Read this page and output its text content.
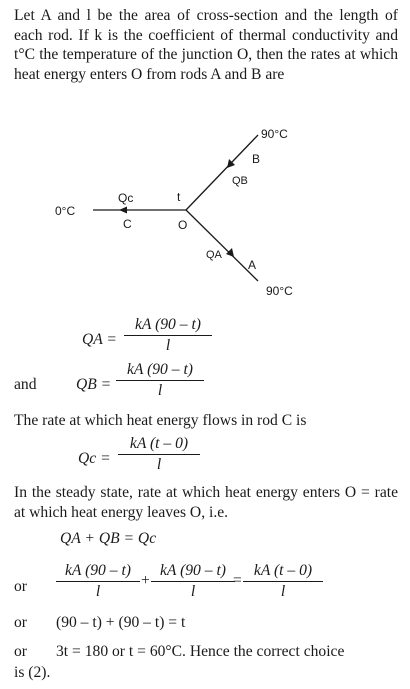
Let A and l be the area of cross-section and the length of each rod. If k is the coefficient of thermal conductivity and t°C the temperature of the junction O, then the rates at which heat energy enters O from rods A and B are
0°C
90°C
90°C
Qc
C
t
O
QB
B
QA
A
QA =
kA (90 – t)
l
and	QB =
kA (90 – t)
l
The rate at which heat energy flows in rod C is
Qc =
kA (t – 0)
l
In the steady state, rate at which heat energy enters O = rate at which heat energy leaves O, i.e.
QA + QB = Qc
or
kA (90 – t)
l
+
kA (90 – t)
l
=
kA (t – 0)
l
or (90 – t) + (90 – t) = t
or 3t = 180 or t = 60°C. Hence the correct choice
is (2).
